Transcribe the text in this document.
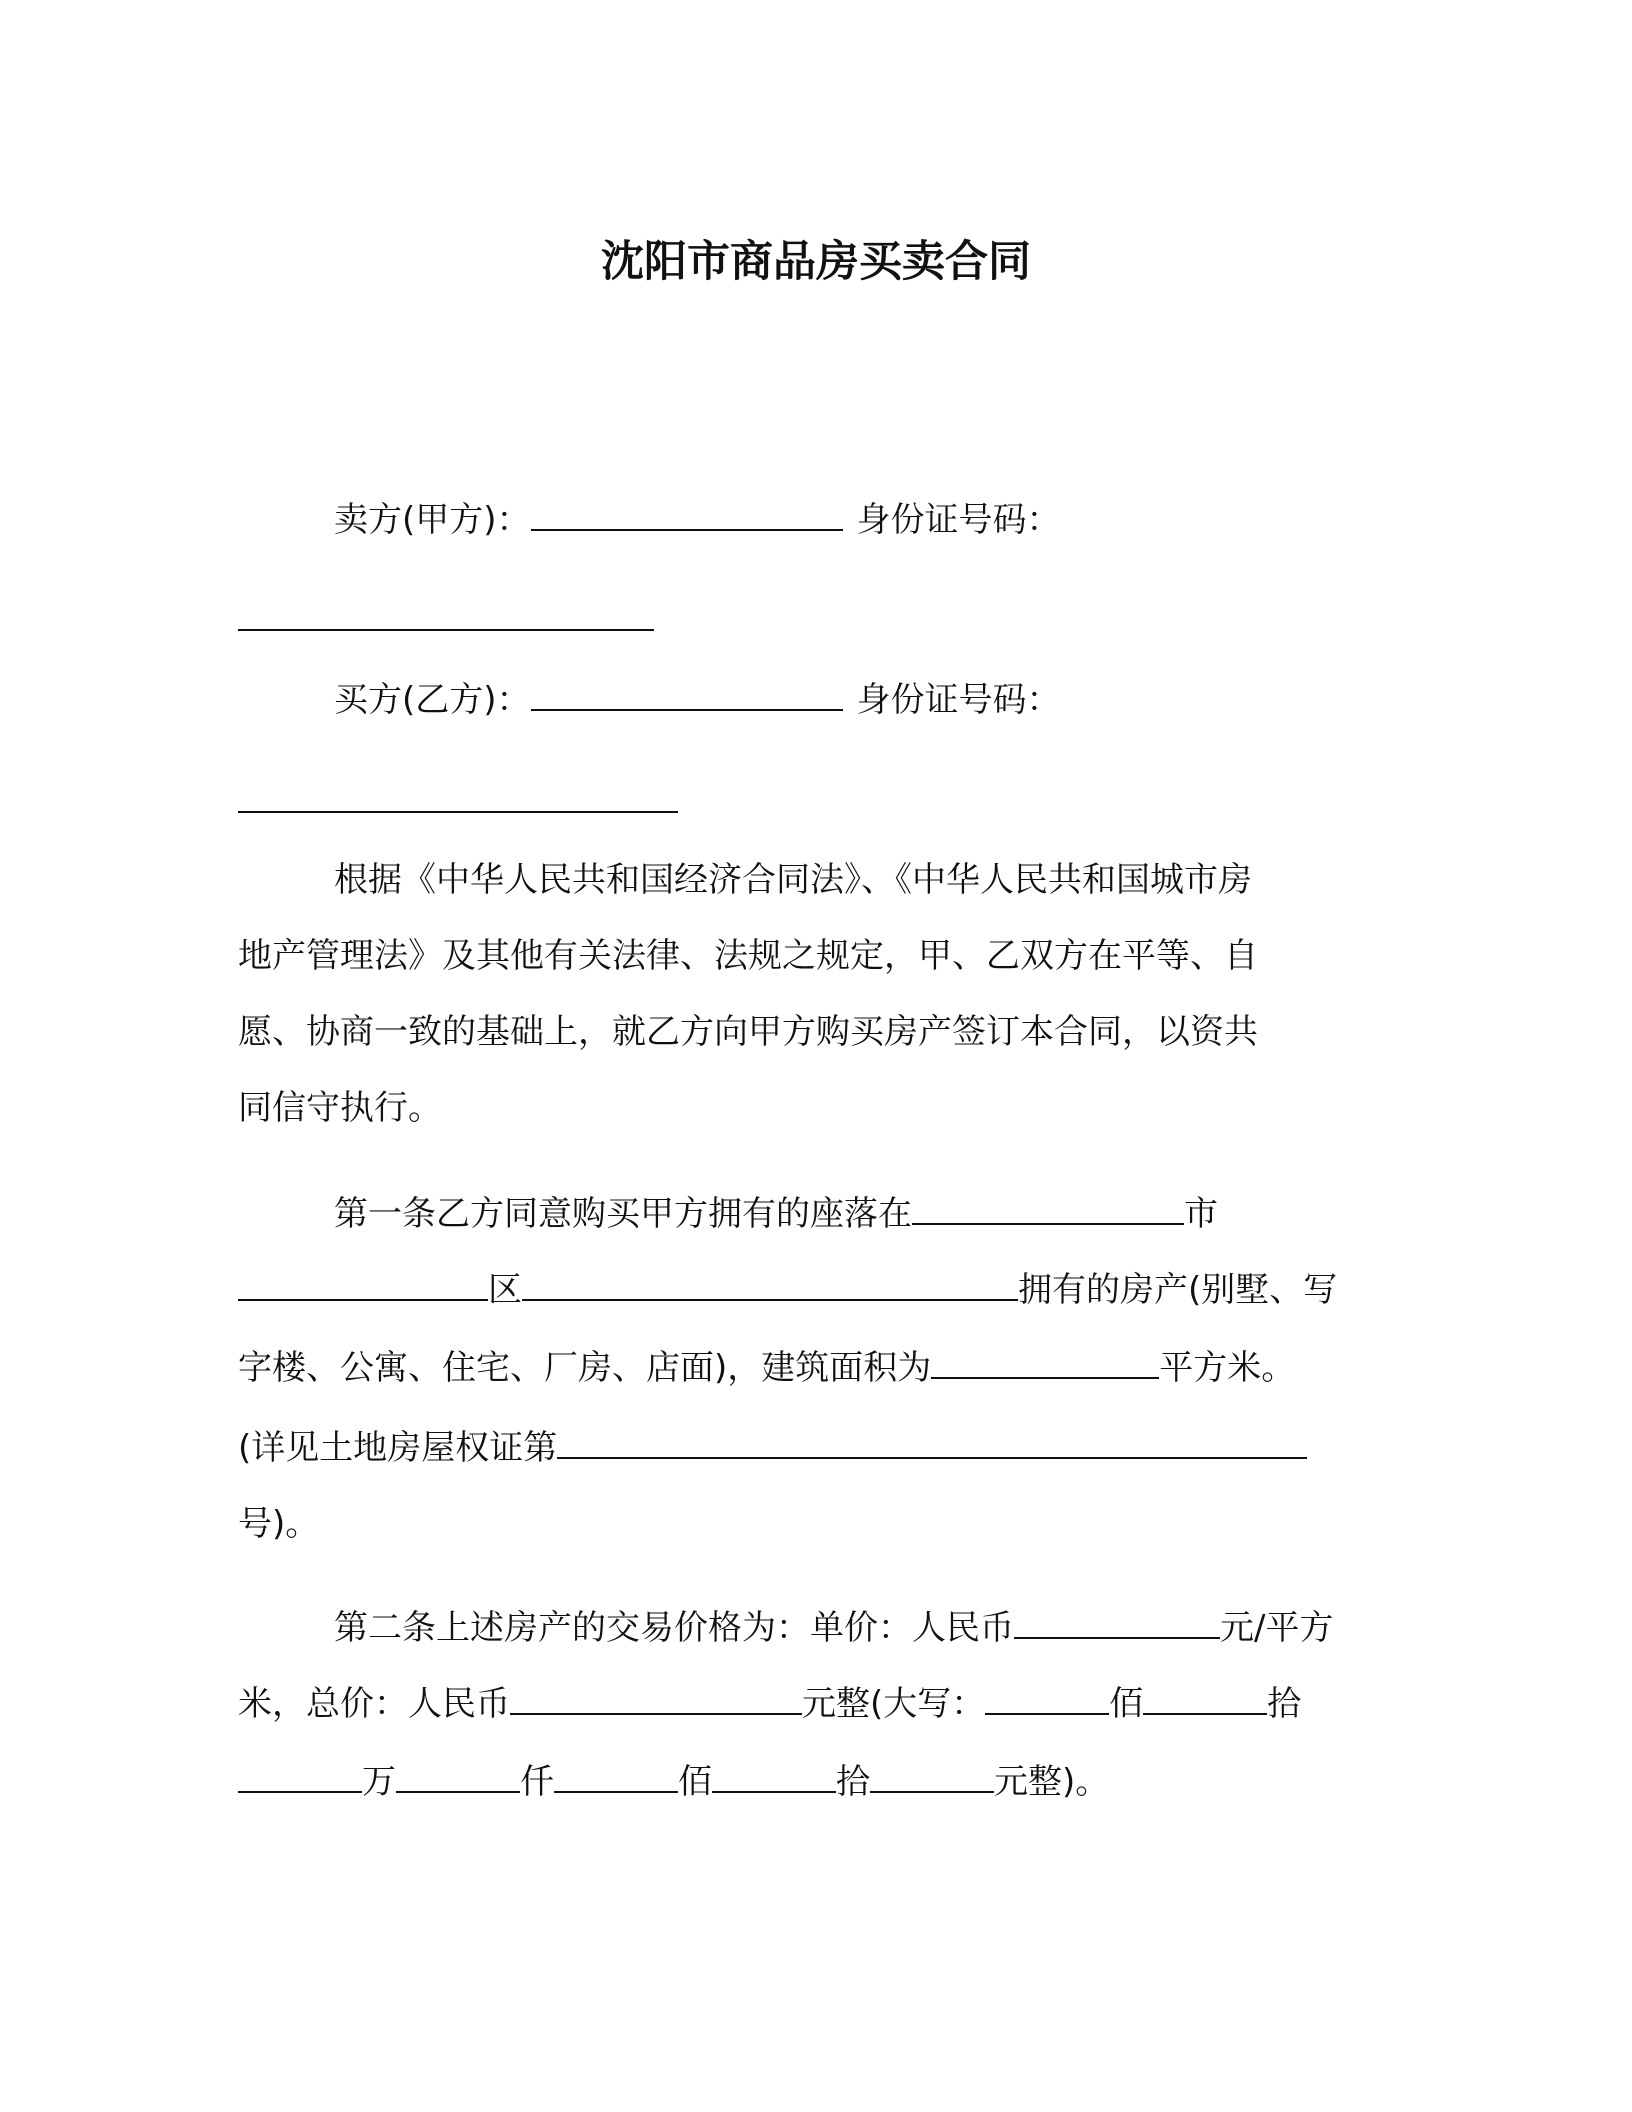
沈阳市商品房买卖合同
卖方(甲方)：	身份证号码：
买方(乙方)：	身份证号码：
根据《中华人民共和国经济合同法》、《中华人民共和国城市房
地产管理法》及其他有关法律、法规之规定，甲、乙双方在平等、自
愿、协商一致的基础上，就乙方向甲方购买房产签订本合同，以资共
同信守执行。
第一条乙方同意购买甲方拥有的座落在	市
区	拥有的房产(别墅、写
字楼、公寓、住宅、厂房、店面)，建筑面积为	平方米。
(详见土地房屋权证第
号)。
第二条上述房产的交易价格为：单价：人民币	元/平方
米，总价：人民币	元整(大写：	佰	拾
万	仟	佰	拾	元整)。
